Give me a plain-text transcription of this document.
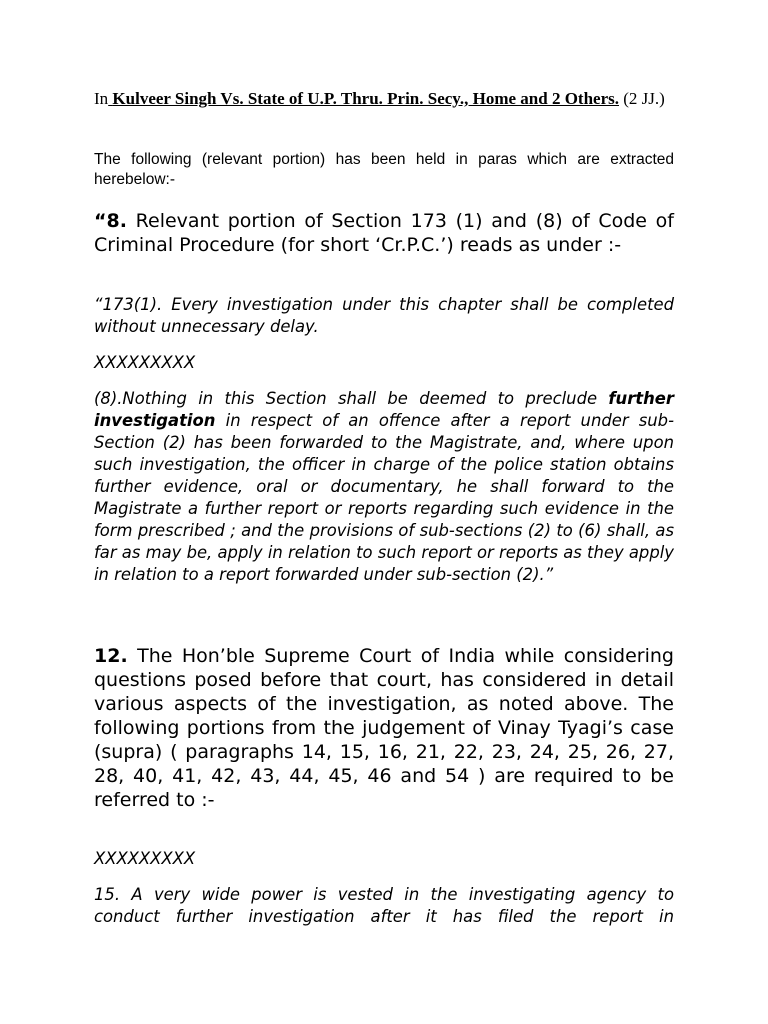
In Kulveer Singh Vs. State of U.P. Thru. Prin. Secy., Home and 2 Others. (2 JJ.)

The following (relevant portion) has been held in paras which are extracted herebelow:-

“8. Relevant portion of Section 173 (1) and (8) of Code of Criminal Procedure (for short ‘Cr.P.C.’) reads as under :-

“173(1). Every investigation under this chapter shall be completed without unnecessary delay.

XXXXXXXXX

(8).Nothing in this Section shall be deemed to preclude further investigation in respect of an offence after a report under sub-Section (2) has been forwarded to the Magistrate, and, where upon such investigation, the officer in charge of the police station obtains further evidence, oral or documentary, he shall forward to the Magistrate a further report or reports regarding such evidence in the form prescribed ; and the provisions of sub-sections (2) to (6) shall, as far as may be, apply in relation to such report or reports as they apply in relation to a report forwarded under sub-section (2).”

12. The Hon’ble Supreme Court of India while considering questions posed before that court, has considered in detail various aspects of the investigation, as noted above. The following portions from the judgement of Vinay Tyagi’s case (supra) ( paragraphs 14, 15, 16, 21, 22, 23, 24, 25, 26, 27, 28, 40, 41, 42, 43, 44, 45, 46 and 54 ) are required to be referred to :-

XXXXXXXXX

15. A very wide power is vested in the investigating agency to conduct further investigation after it has filed the report in
